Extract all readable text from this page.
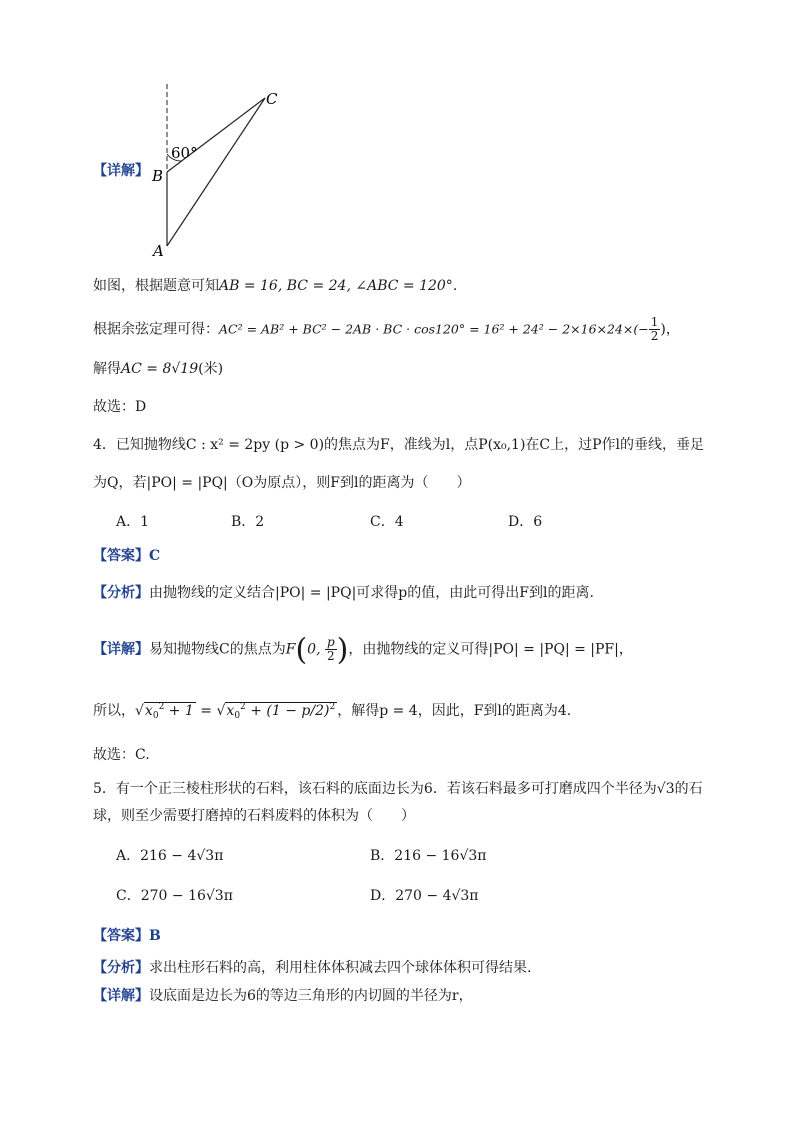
C
B
A
60°
【详解】
如图，根据题意可知AB = 16, BC = 24, ∠ABC = 120°.
根据余弦定理可得：AC² = AB² + BC² − 2AB · BC · $\cos 120^\circ = 16^2 + 24^2 - 2\times 16\times 24\times(- \frac{1}{2}$ )，
解得AC = 8√19(米)
故选：D
4．已知抛物线C : x² = 2py (p > 0)的焦点为F，准线为l，点P(x₀,1)在C上，过P作l的垂线，垂足
为Q，若|PO| = |PQ|（O为原点），则F到l的距离为（　　）
A．1	B．2	C．4	D．6
【答案】C
【分析】由抛物线的定义结合|PO| = |PQ|可求得p的值，由此可得出F到l的距离.
【详解】易知抛物线C的焦点为F(0, $\frac{p}{2}$ )，由抛物线的定义可得|PO| = |PQ| = |PF|，
所以，$√x_0^2 + 1 = √x_0^2 + (1 - p/2)^2$ ，解得p = 4，因此，F到l的距离为4.
故选：C.
5．有一个正三棱柱形状的石料，该石料的底面边长为6．若该石料最多可打磨成四个半径为√3的石
球，则至少需要打磨掉的石料废料的体积为（　　）
A．216 − 4√3π	B．216 − 16√3π
C．270 − 16√3π	D．270 − 4√3π
【答案】B
【分析】求出柱形石料的高，利用柱体体积减去四个球体体积可得结果.
【详解】设底面是边长为6的等边三角形的内切圆的半径为r，
